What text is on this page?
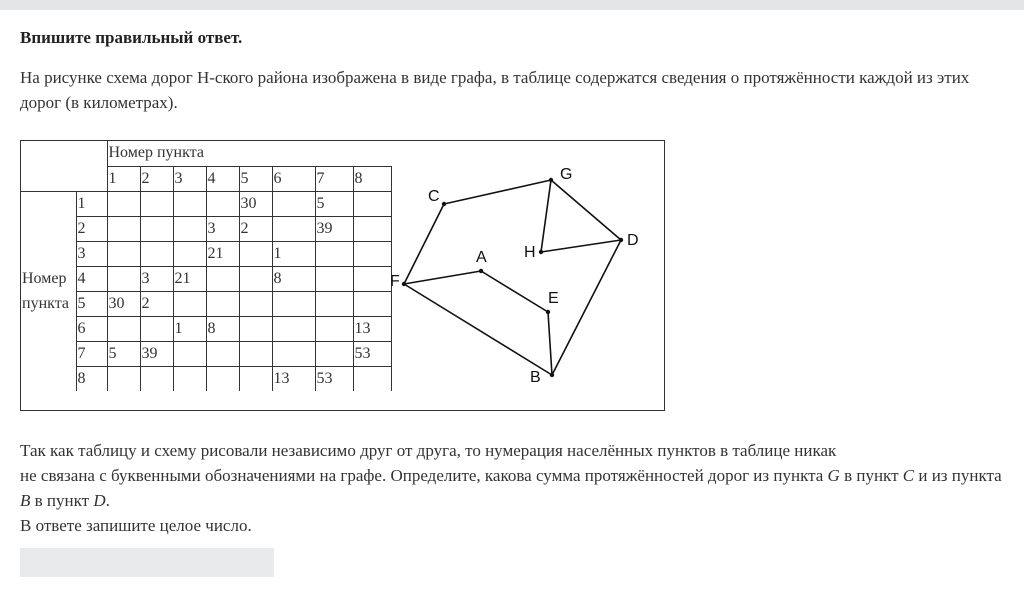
Впишите правильный ответ.
На рисунке схема дорог Н-ского района изображена в виде графа, в таблице содержатся сведения о протяжённости каждой из этих дорог (в километрах).
		Номер пункта							
		1	2	3	4	5	6	7	8
Номер пункта	1					30		5	
	2				3	2		39	
	3				21		1		
	4		3	21			8		
	5	30	2						
	6			1	8				13
	7	5	39						53
	8						13	53	
A
B
C
D
E
F
G
H

Так как таблицу и схему рисовали независимо друг от друга, то нумерация населённых пунктов в таблице никак

не связана с буквенными обозначениями на графе. Определите, какова сумма протяжённостей дорог из пункта G в пункт C и из пункта B в пункт D.

В ответе запишите целое число.
